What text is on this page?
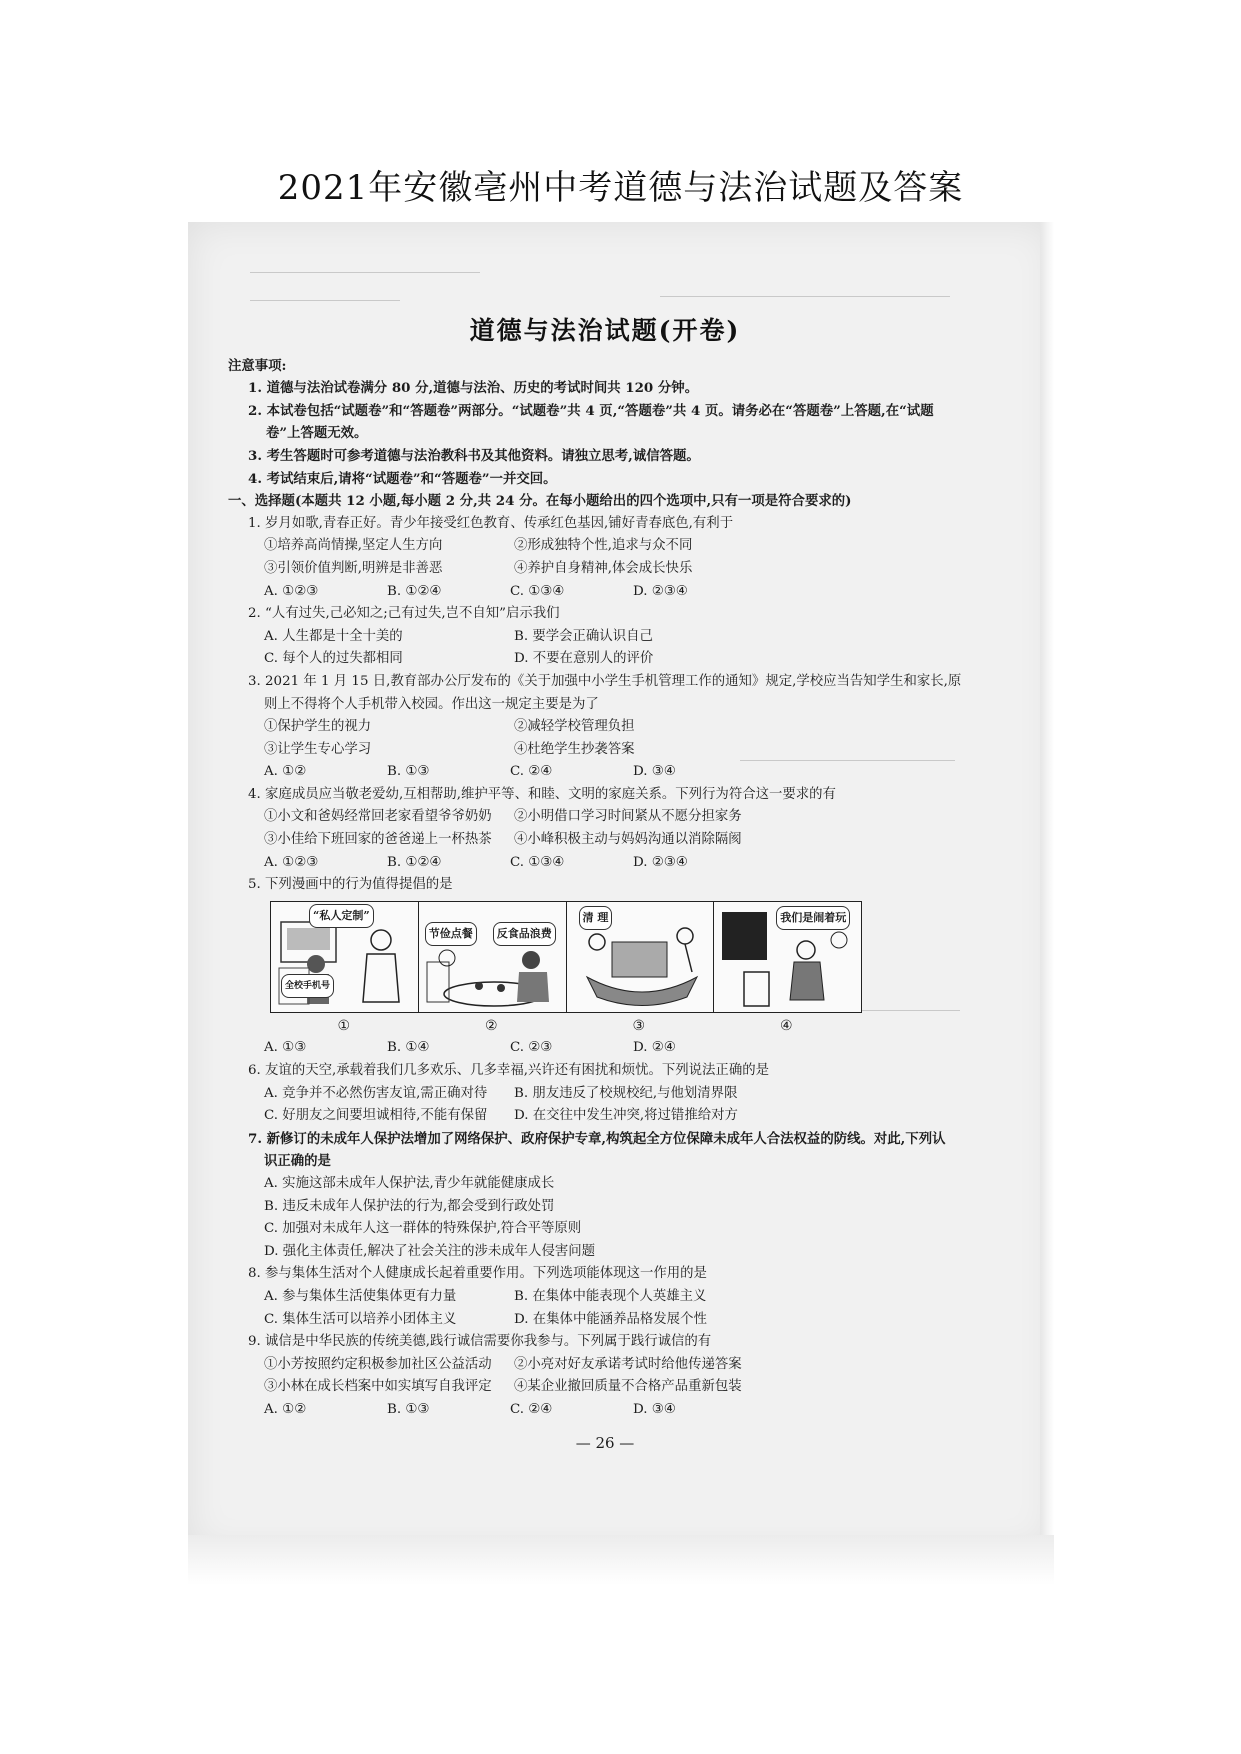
2021年安徽亳州中考道德与法治试题及答案
道德与法治试题(开卷)
注意事项:
1. 道德与法治试卷满分 80 分,道德与法治、历史的考试时间共 120 分钟。
2. 本试卷包括“试题卷”和“答题卷”两部分。“试题卷”共 4 页,“答题卷”共 4 页。请务必在“答题卷”上答题,在“试题
卷”上答题无效。
3. 考生答题时可参考道德与法治教科书及其他资料。请独立思考,诚信答题。
4. 考试结束后,请将“试题卷”和“答题卷”一并交回。
一、选择题(本题共 12 小题,每小题 2 分,共 24 分。在每小题给出的四个选项中,只有一项是符合要求的)
1. 岁月如歌,青春正好。青少年接受红色教育、传承红色基因,铺好青春底色,有利于
①培养高尚情操,坚定人生方向	②形成独特个性,追求与众不同
③引领价值判断,明辨是非善恶	④养护自身精神,体会成长快乐
A. ①②③	B. ①②④	C. ①③④	D. ②③④
2. “人有过失,己必知之;己有过失,岂不自知”启示我们
A. 人生都是十全十美的	B. 要学会正确认识自己
C. 每个人的过失都相同	D. 不要在意别人的评价
3. 2021 年 1 月 15 日,教育部办公厅发布的《关于加强中小学生手机管理工作的通知》规定,学校应当告知学生和家长,原
则上不得将个人手机带入校园。作出这一规定主要是为了
①保护学生的视力	②减轻学校管理负担
③让学生专心学习	④杜绝学生抄袭答案
A. ①②	B. ①③	C. ②④	D. ③④
4. 家庭成员应当敬老爱幼,互相帮助,维护平等、和睦、文明的家庭关系。下列行为符合这一要求的有
①小文和爸妈经常回老家看望爷爷奶奶	②小明借口学习时间紧从不愿分担家务
③小佳给下班回家的爸爸递上一杯热茶	④小峰积极主动与妈妈沟通以消除隔阂
A. ①②③	B. ①②④	C. ①③④	D. ②③④
5. 下列漫画中的行为值得提倡的是
“私人定制”
全校手机号
节俭点餐	反食品浪费
清 理	我们是闹着玩
①	②	③	④
A. ①③	B. ①④	C. ②③	D. ②④
6. 友谊的天空,承载着我们几多欢乐、几多幸福,兴许还有困扰和烦忧。下列说法正确的是
A. 竞争并不必然伤害友谊,需正确对待	B. 朋友违反了校规校纪,与他划清界限
C. 好朋友之间要坦诚相待,不能有保留	D. 在交往中发生冲突,将过错推给对方
7. 新修订的未成年人保护法增加了网络保护、政府保护专章,构筑起全方位保障未成年人合法权益的防线。对此,下列认
识正确的是
A. 实施这部未成年人保护法,青少年就能健康成长
B. 违反未成年人保护法的行为,都会受到行政处罚
C. 加强对未成年人这一群体的特殊保护,符合平等原则
D. 强化主体责任,解决了社会关注的涉未成年人侵害问题
8. 参与集体生活对个人健康成长起着重要作用。下列选项能体现这一作用的是
A. 参与集体生活使集体更有力量	B. 在集体中能表现个人英雄主义
C. 集体生活可以培养小团体主义	D. 在集体中能涵养品格发展个性
9. 诚信是中华民族的传统美德,践行诚信需要你我参与。下列属于践行诚信的有
①小芳按照约定积极参加社区公益活动	②小亮对好友承诺考试时给他传递答案
③小林在成长档案中如实填写自我评定	④某企业撤回质量不合格产品重新包装
A. ①②	B. ①③	C. ②④	D. ③④
— 26 —
